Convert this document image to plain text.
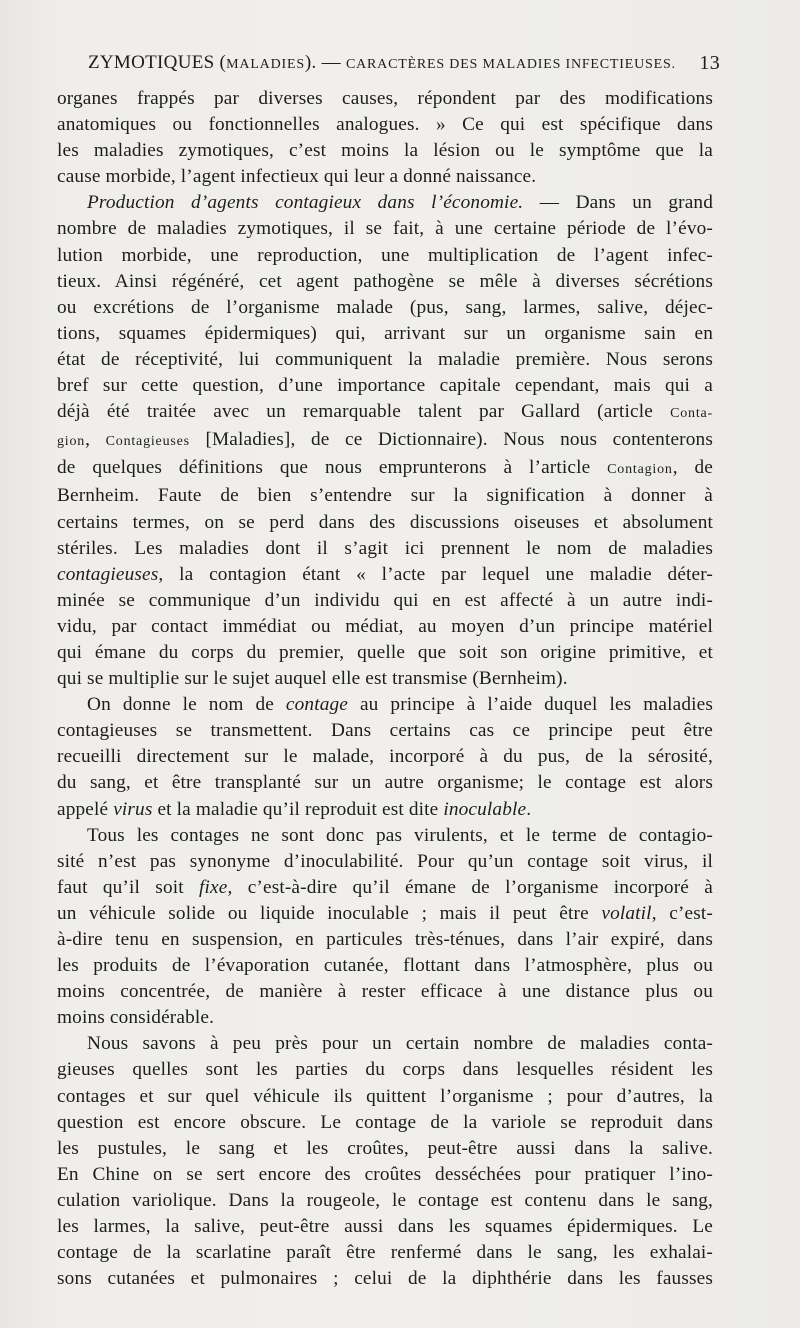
ZYMOTIQUES (MALADIES). — CARACTÈRES DES MALADIES INFECTIEUSES. 13
organes frappés par diverses causes, répondent par des modifications
anatomiques ou fonctionnelles analogues. » Ce qui est spécifique dans
les maladies zymotiques, c’est moins la lésion ou le symptôme que la
cause morbide, l’agent infectieux qui leur a donné naissance.
Production d’agents contagieux dans l’économie. — Dans un grand
nombre de maladies zymotiques, il se fait, à une certaine période de l’évo-
lution morbide, une reproduction, une multiplication de l’agent infec-
tieux. Ainsi régénéré, cet agent pathogène se mêle à diverses sécrétions
ou excrétions de l’organisme malade (pus, sang, larmes, salive, déjec-
tions, squames épidermiques) qui, arrivant sur un organisme sain en
état de réceptivité, lui communiquent la maladie première. Nous serons
bref sur cette question, d’une importance capitale cependant, mais qui a
déjà été traitée avec un remarquable talent par Gallard (article Conta-
gion, Contagieuses [Maladies], de ce Dictionnaire). Nous nous contenterons
de quelques définitions que nous emprunterons à l’article Contagion, de
Bernheim. Faute de bien s’entendre sur la signification à donner à
certains termes, on se perd dans des discussions oiseuses et absolument
stériles. Les maladies dont il s’agit ici prennent le nom de maladies
contagieuses, la contagion étant « l’acte par lequel une maladie déter-
minée se communique d’un individu qui en est affecté à un autre indi-
vidu, par contact immédiat ou médiat, au moyen d’un principe matériel
qui émane du corps du premier, quelle que soit son origine primitive, et
qui se multiplie sur le sujet auquel elle est transmise (Bernheim).
On donne le nom de contage au principe à l’aide duquel les maladies
contagieuses se transmettent. Dans certains cas ce principe peut être
recueilli directement sur le malade, incorporé à du pus, de la sérosité,
du sang, et être transplanté sur un autre organisme; le contage est alors
appelé virus et la maladie qu’il reproduit est dite inoculable.
Tous les contages ne sont donc pas virulents, et le terme de contagio-
sité n’est pas synonyme d’inoculabilité. Pour qu’un contage soit virus, il
faut qu’il soit fixe, c’est-à-dire qu’il émane de l’organisme incorporé à
un véhicule solide ou liquide inoculable ; mais il peut être volatil, c’est-
à-dire tenu en suspension, en particules très-ténues, dans l’air expiré, dans
les produits de l’évaporation cutanée, flottant dans l’atmosphère, plus ou
moins concentrée, de manière à rester efficace à une distance plus ou
moins considérable.
Nous savons à peu près pour un certain nombre de maladies conta-
gieuses quelles sont les parties du corps dans lesquelles résident les
contages et sur quel véhicule ils quittent l’organisme ; pour d’autres, la
question est encore obscure. Le contage de la variole se reproduit dans
les pustules, le sang et les croûtes, peut-être aussi dans la salive.
En Chine on se sert encore des croûtes desséchées pour pratiquer l’ino-
culation variolique. Dans la rougeole, le contage est contenu dans le sang,
les larmes, la salive, peut-être aussi dans les squames épidermiques. Le
contage de la scarlatine paraît être renfermé dans le sang, les exhalai-
sons cutanées et pulmonaires ; celui de la diphthérie dans les fausses
